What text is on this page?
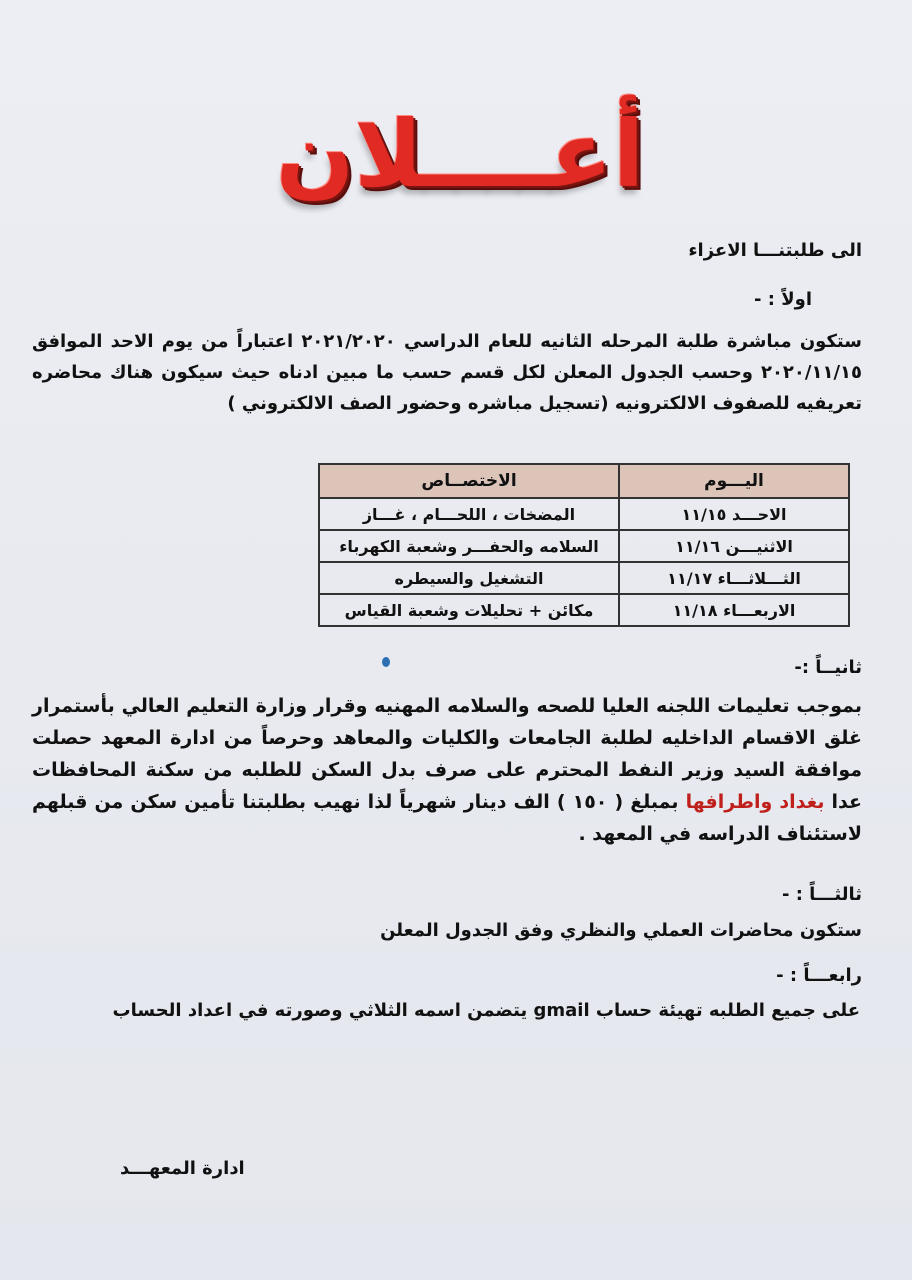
أعــــلان
الى طلبتنـــا الاعزاء
اولاً : -
ستكون مباشرة طلبة المرحله الثانيه للعام الدراسي ٢٠٢١/٢٠٢٠ اعتباراً من يوم الاحد الموافق ٢٠٢٠/١١/١٥ وحسب الجدول المعلن لكل قسم حسب ما مبين ادناه حيث سيكون هناك محاضره تعريفيه للصفوف الالكترونيه (تسجيل مباشره وحضور الصف الالكتروني )
اليـــوم	الاختصــاص
الاحـــد ١١/١٥	المضخات ، اللحـــام ، غـــاز
الاثنيـــن ١١/١٦	السلامه والحفـــر وشعبة الكهرباء
الثـــلاثـــاء ١١/١٧	التشغيل والسيطره
الاربعـــاء ١١/١٨	مكائن + تحليلات وشعبة القياس
ثانيــاً :-
بموجب تعليمات اللجنه العليا للصحه والسلامه المهنيه وقرار وزارة التعليم العالي بأستمرار غلق الاقسام الداخليه لطلبة الجامعات والكليات والمعاهد وحرصاً من ادارة المعهد حصلت موافقة السيد وزير النفط المحترم على صرف بدل السكن للطلبه من سكنة المحافظات عدا بغداد واطرافها بمبلغ ( ١٥٠ ) الف دينار شهرياً لذا نهيب بطلبتنا تأمين سكن من قبلهم لاستئناف الدراسه في المعهد .
ثالثـــاً : -
ستكون محاضرات العملي والنظري وفق الجدول المعلن
رابعـــاً : -
على جميع الطلبه تهيئة حساب gmail يتضمن اسمه الثلاثي وصورته في اعداد الحساب
ادارة المعهـــد
